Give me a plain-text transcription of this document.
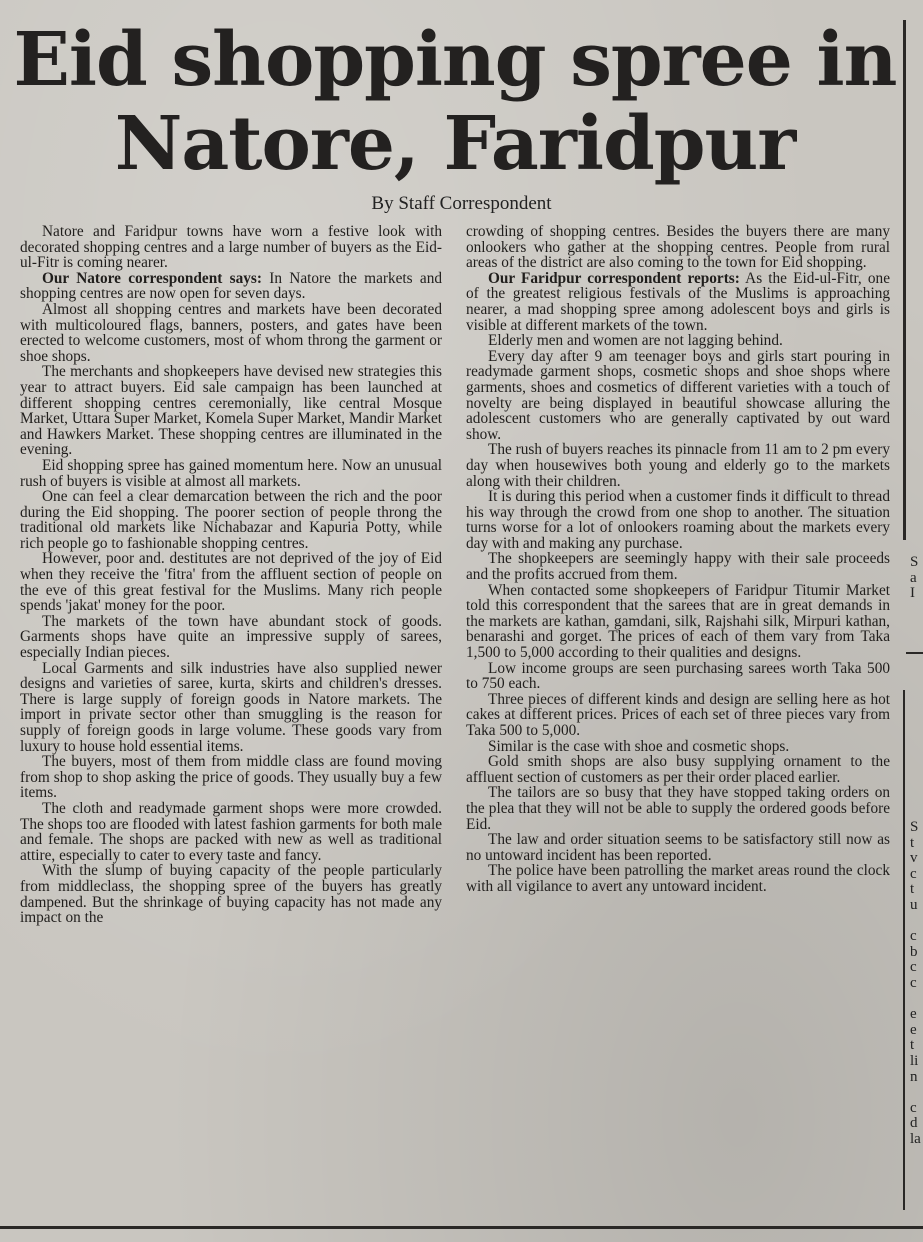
Eid shopping spree in Natore, Faridpur
By Staff Correspondent

Natore and Faridpur towns have worn a festive look with decorated shopping centres and a large number of buyers as the Eid-ul-Fitr is coming nearer.

Our Natore correspondent says: In Natore the markets and shopping centres are now open for seven days.

Almost all shopping centres and markets have been decorated with multicoloured flags, banners, posters, and gates have been erected to welcome customers, most of whom throng the garment or shoe shops.

The merchants and shopkeepers have devised new strategies this year to attract buyers. Eid sale campaign has been launched at different shopping centres ceremonially, like central Mosque Market, Uttara Super Market, Komela Super Market, Mandir Market and Hawkers Market. These shopping centres are illuminated in the evening.

Eid shopping spree has gained momentum here. Now an unusual rush of buyers is visible at almost all markets.

One can feel a clear demarcation between the rich and the poor during the Eid shopping. The poorer section of people throng the traditional old markets like Nichabazar and Kapuria Potty, while rich people go to fashionable shopping centres.

However, poor and. destitutes are not deprived of the joy of Eid when they receive the 'fitra' from the affluent section of people on the eve of this great festival for the Muslims. Many rich people spends 'jakat' money for the poor.

The markets of the town have abundant stock of goods. Garments shops have quite an impressive supply of sarees, especially Indian pieces.

Local Garments and silk industries have also supplied newer designs and varieties of saree, kurta, skirts and children's dresses. There is large supply of foreign goods in Natore markets. The import in private sector other than smuggling is the reason for supply of foreign goods in large volume. These goods vary from luxury to house hold essential items.

The buyers, most of them from middle class are found moving from shop to shop asking the price of goods. They usually buy a few items.

The cloth and readymade garment shops were more crowded. The shops too are flooded with latest fashion garments for both male and female. The shops are packed with new as well as traditional attire, especially to cater to every taste and fancy.

With the slump of buying capacity of the people particularly from middleclass, the shopping spree of the buyers has greatly dampened. But the shrinkage of buying capacity has not made any impact on the

crowding of shopping centres. Besides the buyers there are many onlookers who gather at the shopping centres. People from rural areas of the district are also coming to the town for Eid shopping.

Our Faridpur correspondent reports: As the Eid-ul-Fitr, one of the greatest religious festivals of the Muslims is approaching nearer, a mad shopping spree among adolescent boys and girls is visible at different markets of the town.

Elderly men and women are not lagging behind.

Every day after 9 am teenager boys and girls start pouring in readymade garment shops, cosmetic shops and shoe shops where garments, shoes and cosmetics of different varieties with a touch of novelty are being displayed in beautiful showcase alluring the adolescent customers who are generally captivated by out ward show.

The rush of buyers reaches its pinnacle from 11 am to 2 pm every day when housewives both young and elderly go to the markets along with their children.

It is during this period when a customer finds it difficult to thread his way through the crowd from one shop to another. The situation turns worse for a lot of onlookers roaming about the markets every day with and making any purchase.

The shopkeepers are seemingly happy with their sale proceeds and the profits accrued from them.

When contacted some shopkeepers of Faridpur Titumir Market told this correspondent that the sarees that are in great demands in the markets are kathan, gamdani, silk, Rajshahi silk, Mirpuri kathan, benarashi and gorget. The prices of each of them vary from Taka 1,500 to 5,000 according to their qualities and designs.

Low income groups are seen purchasing sarees worth Taka 500 to 750 each.

Three pieces of different kinds and design are selling here as hot cakes at different prices. Prices of each set of three pieces vary from Taka 500 to 5,000.

Similar is the case with shoe and cosmetic shops.

Gold smith shops are also busy supplying ornament to the affluent section of customers as per their order placed earlier.

The tailors are so busy that they have stopped taking orders on the plea that they will not be able to supply the ordered goods before Eid.

The law and order situation seems to be satisfactory still now as no untoward incident has been reported.

The police have been patrolling the market areas round the clock with all vigilance to avert any untoward incident.

S
a
I
S
t
v
c
t
u

c
b
c
c

e
e
t
li
n

c
d
la
